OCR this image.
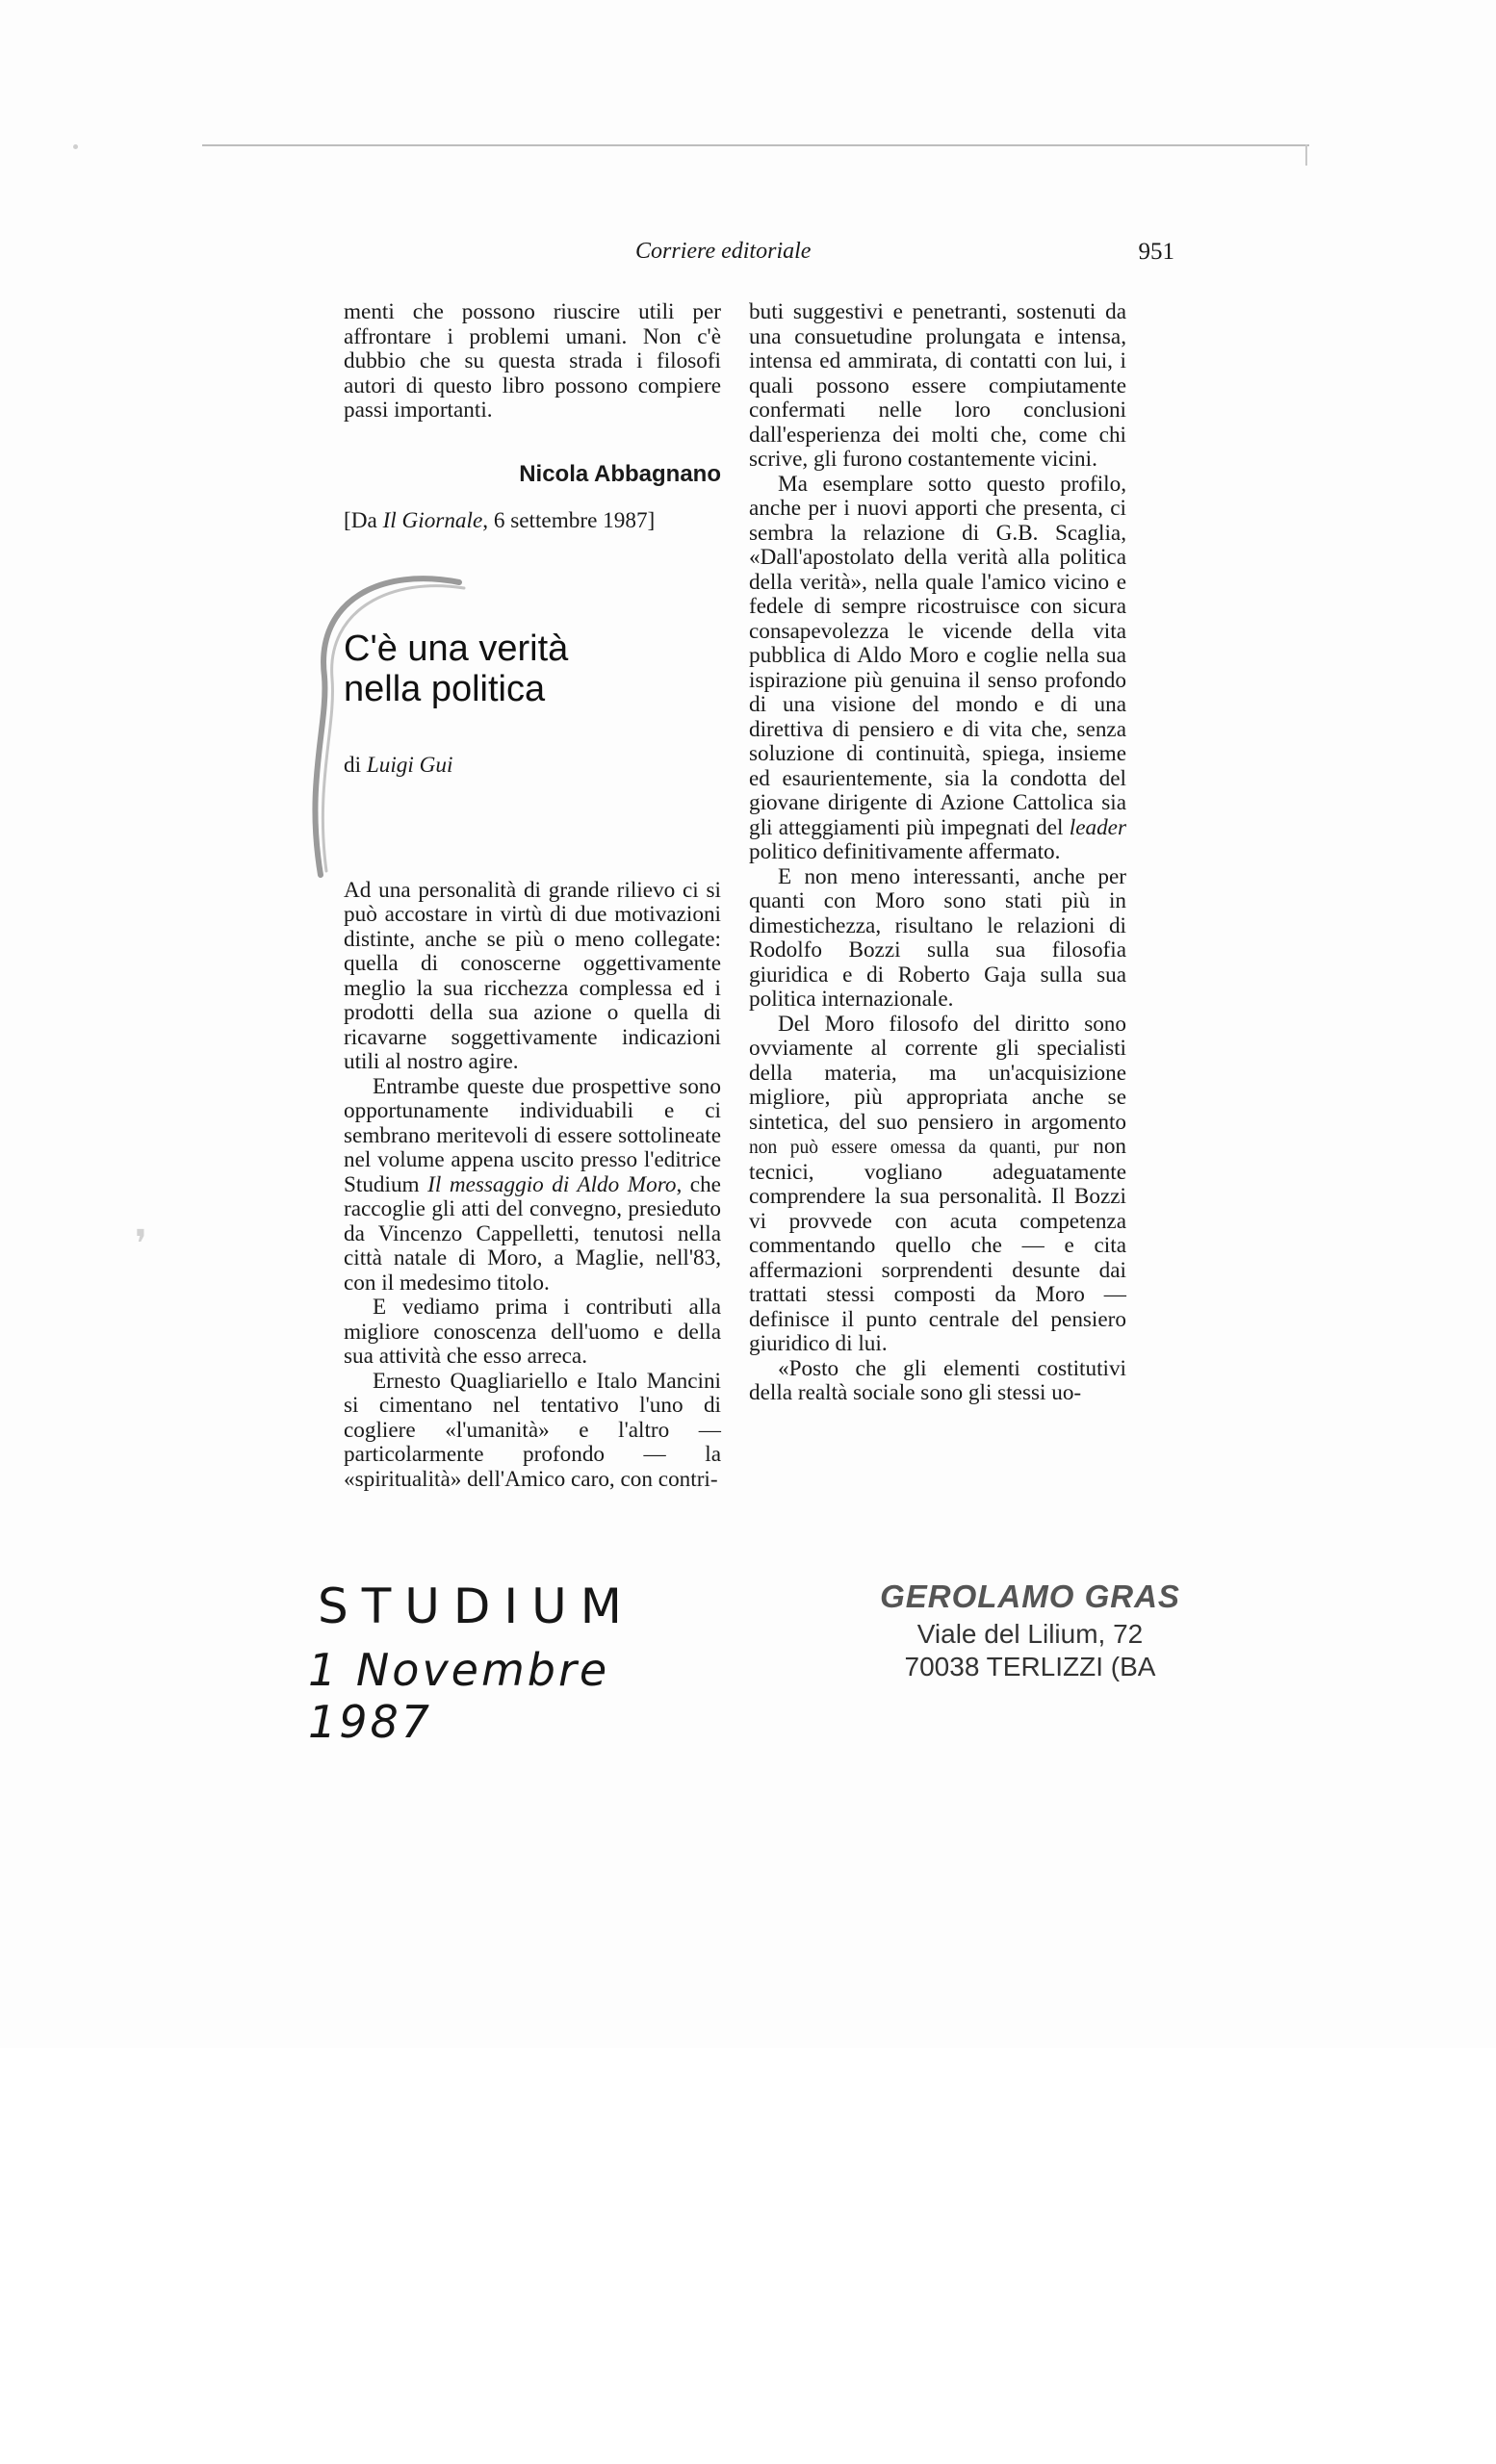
❜
Corriere editoriale	951

menti che possono riuscire utili per affrontare i problemi umani. Non c'è dubbio che su questa strada i filosofi autori di questo libro possono compiere passi importanti.

Nicola Abbagnano

[Da Il Giornale, 6 settembre 1987]

C'è una verità
nella politica
di Luigi Gui

Ad una personalità di grande rilievo ci si può accostare in virtù di due motivazioni distinte, anche se più o meno collegate: quella di conoscerne oggettivamente meglio la sua ricchezza complessa ed i prodotti della sua azione o quella di ricavarne soggettivamente indicazioni utili al nostro agire.

Entrambe queste due prospettive sono opportunamente individuabili e ci sembrano meritevoli di essere sottolineate nel volume appena uscito presso l'editrice Studium Il messaggio di Aldo Moro, che raccoglie gli atti del convegno, presieduto da Vincenzo Cappelletti, tenutosi nella città natale di Moro, a Maglie, nell'83, con il medesimo titolo.

E vediamo prima i contributi alla migliore conoscenza dell'uomo e della sua attività che esso arreca.

Ernesto Quagliariello e Italo Mancini si cimentano nel tentativo l'uno di cogliere «l'umanità» e l'altro — particolarmente profondo — la «spiritualità» dell'Amico caro, con contri-

buti suggestivi e penetranti, sostenuti da una consuetudine prolungata e intensa, intensa ed ammirata, di contatti con lui, i quali possono essere compiutamente confermati nelle loro conclusioni dall'esperienza dei molti che, come chi scrive, gli furono costantemente vicini.

Ma esemplare sotto questo profilo, anche per i nuovi apporti che presenta, ci sembra la relazione di G.B. Scaglia, «Dall'apostolato della verità alla politica della verità», nella quale l'amico vicino e fedele di sempre ricostruisce con sicura consapevolezza le vicende della vita pubblica di Aldo Moro e coglie nella sua ispirazione più genuina il senso profondo di una visione del mondo e di una direttiva di pensiero e di vita che, senza soluzione di continuità, spiega, insieme ed esaurientemente, sia la condotta del giovane dirigente di Azione Cattolica sia gli atteggiamenti più impegnati del leader politico definitivamente affermato.

E non meno interessanti, anche per quanti con Moro sono stati più in dimestichezza, risultano le relazioni di Rodolfo Bozzi sulla sua filosofia giuridica e di Roberto Gaja sulla sua politica internazionale.

Del Moro filosofo del diritto sono ovviamente al corrente gli specialisti della materia, ma un'acquisizione migliore, più appropriata anche se sintetica, del suo pensiero in argomento non può essere omessa da quanti, pur non tecnici, vogliano adeguatamente comprendere la sua personalità. Il Bozzi vi provvede con acuta competenza commentando quello che — e cita affermazioni sorprendenti desunte dai trattati stessi composti da Moro — definisce il punto centrale del pensiero giuridico di lui.

«Posto che gli elementi costitutivi della realtà sociale sono gli stessi uo-

STUDIUM
1 Novembre 1987
GEROLAMO GRAS
Viale del Lilium, 72
70038 TERLIZZI (BA
